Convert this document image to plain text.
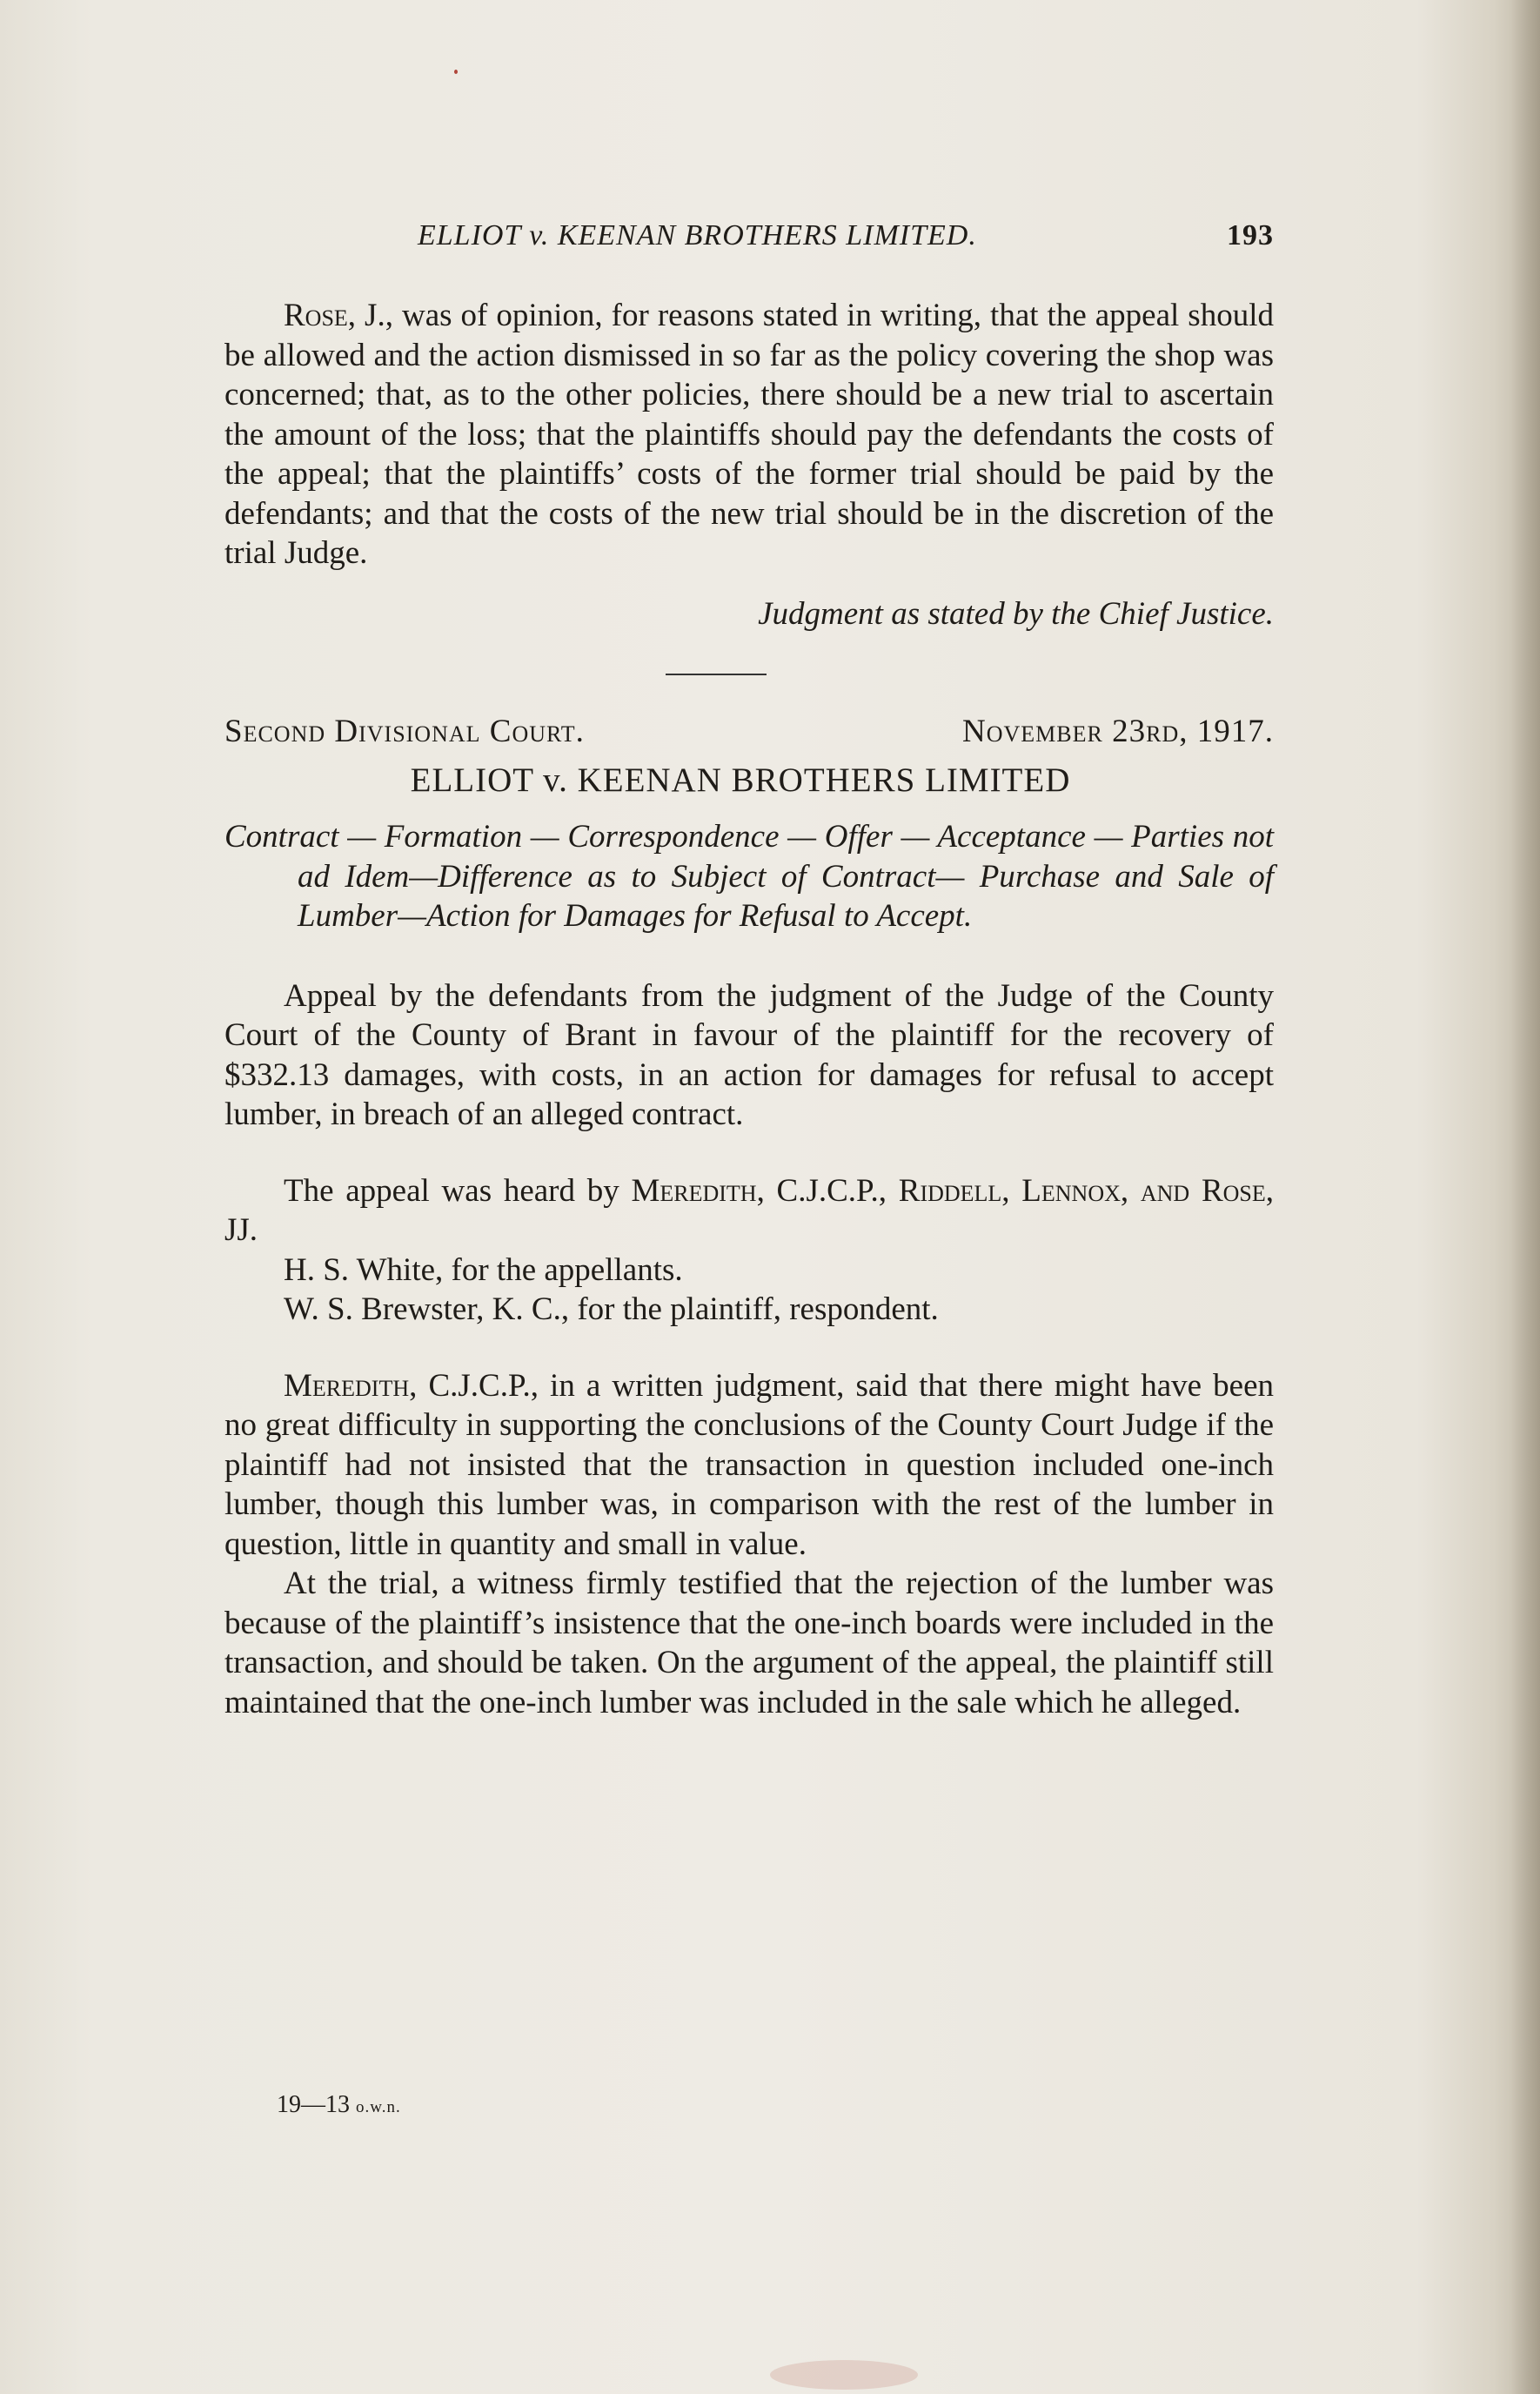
ELLIOT v. KEENAN BROTHERS LIMITED.	193

Rose, J., was of opinion, for reasons stated in writing, that the appeal should be allowed and the action dismissed in so far as the policy covering the shop was concerned; that, as to the other policies, there should be a new trial to ascertain the amount of the loss; that the plaintiffs should pay the defendants the costs of the appeal; that the plaintiffs’ costs of the former trial should be paid by the defendants; and that the costs of the new trial should be in the discretion of the trial Judge.

Judgment as stated by the Chief Justice.

Second Divisional Court.	November 23rd, 1917.
ELLIOT v. KEENAN BROTHERS LIMITED

Contract — Formation — Correspondence — Offer — Acceptance — Parties not ad Idem—Difference as to Subject of Contract— Purchase and Sale of Lumber—Action for Damages for Refusal to Accept.

Appeal by the defendants from the judgment of the Judge of the County Court of the County of Brant in favour of the plaintiff for the recovery of $332.13 damages, with costs, in an action for damages for refusal to accept lumber, in breach of an alleged contract.

The appeal was heard by Meredith, C.J.C.P., Riddell, Lennox, and Rose, JJ.

H. S. White, for the appellants.

W. S. Brewster, K. C., for the plaintiff, respondent.

Meredith, C.J.C.P., in a written judgment, said that there might have been no great difficulty in supporting the conclusions of the County Court Judge if the plaintiff had not insisted that the transaction in question included one-inch lumber, though this lumber was, in comparison with the rest of the lumber in question, little in quantity and small in value.

At the trial, a witness firmly testified that the rejection of the lumber was because of the plaintiff’s insistence that the one-inch boards were included in the transaction, and should be taken. On the argument of the appeal, the plaintiff still maintained that the one-inch lumber was included in the sale which he alleged.

19—13 o.w.n.
